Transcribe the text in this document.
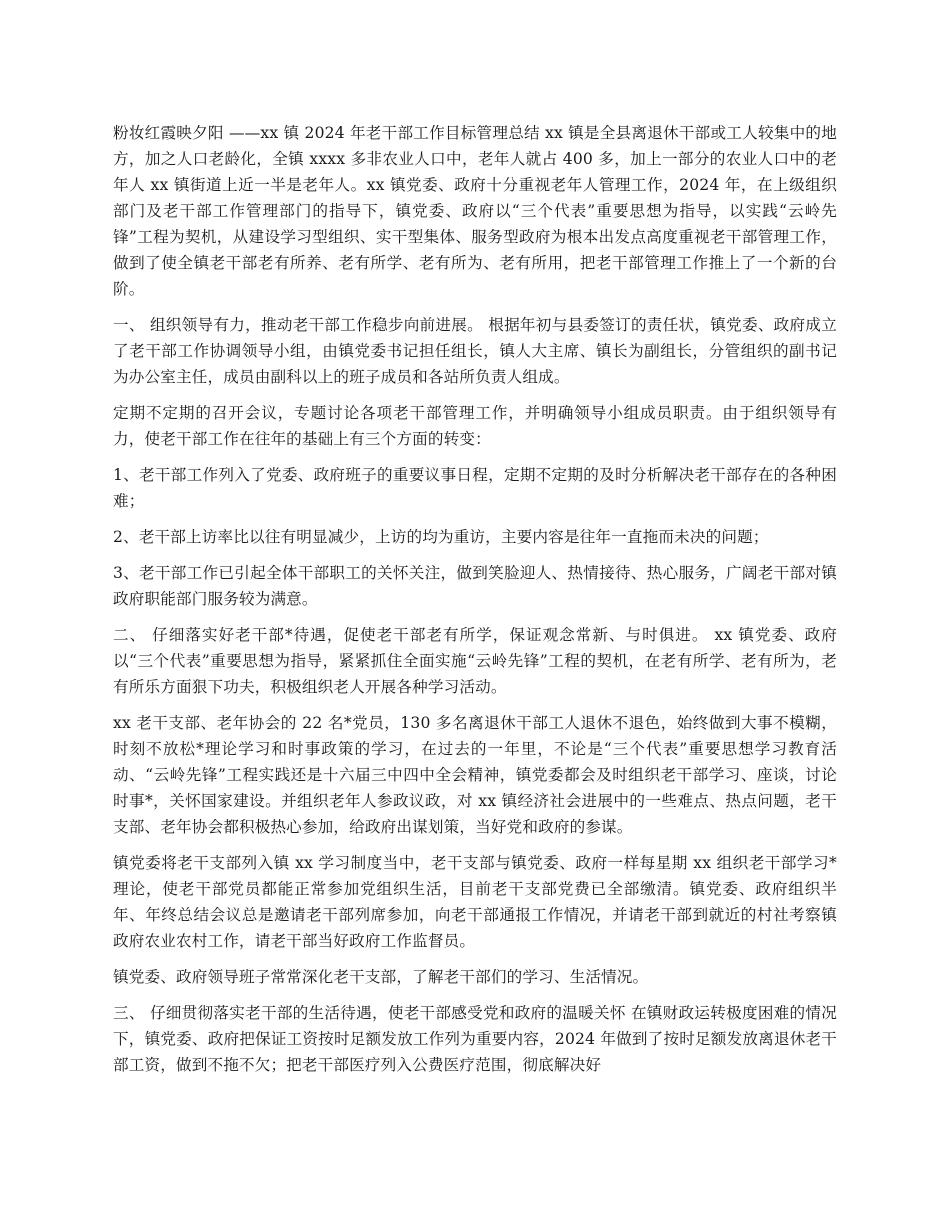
粉妆红霞映夕阳 ——xx 镇 2024 年老干部工作目标管理总结 xx 镇是全县离退休干部或工人较集中的地方，加之人口老龄化，全镇 xxxx 多非农业人口中，老年人就占 400 多，加上一部分的农业人口中的老年人 xx 镇街道上近一半是老年人。xx 镇党委、政府十分重视老年人管理工作，2024 年，在上级组织部门及老干部工作管理部门的指导下，镇党委、政府以“三个代表”重要思想为指导，以实践“云岭先锋”工程为契机，从建设学习型组织、实干型集体、服务型政府为根本出发点高度重视老干部管理工作，做到了使全镇老干部老有所养、老有所学、老有所为、老有所用，把老干部管理工作推上了一个新的台阶。

一、 组织领导有力，推动老干部工作稳步向前进展。 根据年初与县委签订的责任状，镇党委、政府成立了老干部工作协调领导小组，由镇党委书记担任组长，镇人大主席、镇长为副组长，分管组织的副书记为办公室主任，成员由副科以上的班子成员和各站所负责人组成。

定期不定期的召开会议，专题讨论各项老干部管理工作，并明确领导小组成员职责。由于组织领导有力，使老干部工作在往年的基础上有三个方面的转变：

1、老干部工作列入了党委、政府班子的重要议事日程，定期不定期的及时分析解决老干部存在的各种困难；

2、老干部上访率比以往有明显减少，上访的均为重访，主要内容是往年一直拖而未决的问题；

3、老干部工作已引起全体干部职工的关怀关注，做到笑脸迎人、热情接待、热心服务，广阔老干部对镇政府职能部门服务较为满意。

二、 仔细落实好老干部*待遇，促使老干部老有所学，保证观念常新、与时俱进。 xx 镇党委、政府以“三个代表”重要思想为指导，紧紧抓住全面实施“云岭先锋”工程的契机，在老有所学、老有所为，老有所乐方面狠下功夫，积极组织老人开展各种学习活动。

xx 老干支部、老年协会的 22 名*党员，130 多名离退休干部工人退休不退色，始终做到大事不模糊，时刻不放松*理论学习和时事政策的学习，在过去的一年里，不论是“三个代表”重要思想学习教育活动、“云岭先锋”工程实践还是十六届三中四中全会精神，镇党委都会及时组织老干部学习、座谈，讨论时事*，关怀国家建设。并组织老年人参政议政，对 xx 镇经济社会进展中的一些难点、热点问题，老干支部、老年协会都积极热心参加，给政府出谋划策，当好党和政府的参谋。

镇党委将老干支部列入镇 xx 学习制度当中，老干支部与镇党委、政府一样每星期 xx 组织老干部学习*理论，使老干部党员都能正常参加党组织生活，目前老干支部党费已全部缴清。镇党委、政府组织半年、年终总结会议总是邀请老干部列席参加，向老干部通报工作情况，并请老干部到就近的村社考察镇政府农业农村工作，请老干部当好政府工作监督员。

镇党委、政府领导班子常常深化老干支部，了解老干部们的学习、生活情况。

三、 仔细贯彻落实老干部的生活待遇，使老干部感受党和政府的温暖关怀 在镇财政运转极度困难的情况下，镇党委、政府把保证工资按时足额发放工作列为重要内容，2024 年做到了按时足额发放离退休老干部工资，做到不拖不欠；把老干部医疗列入公费医疗范围，彻底解决好
